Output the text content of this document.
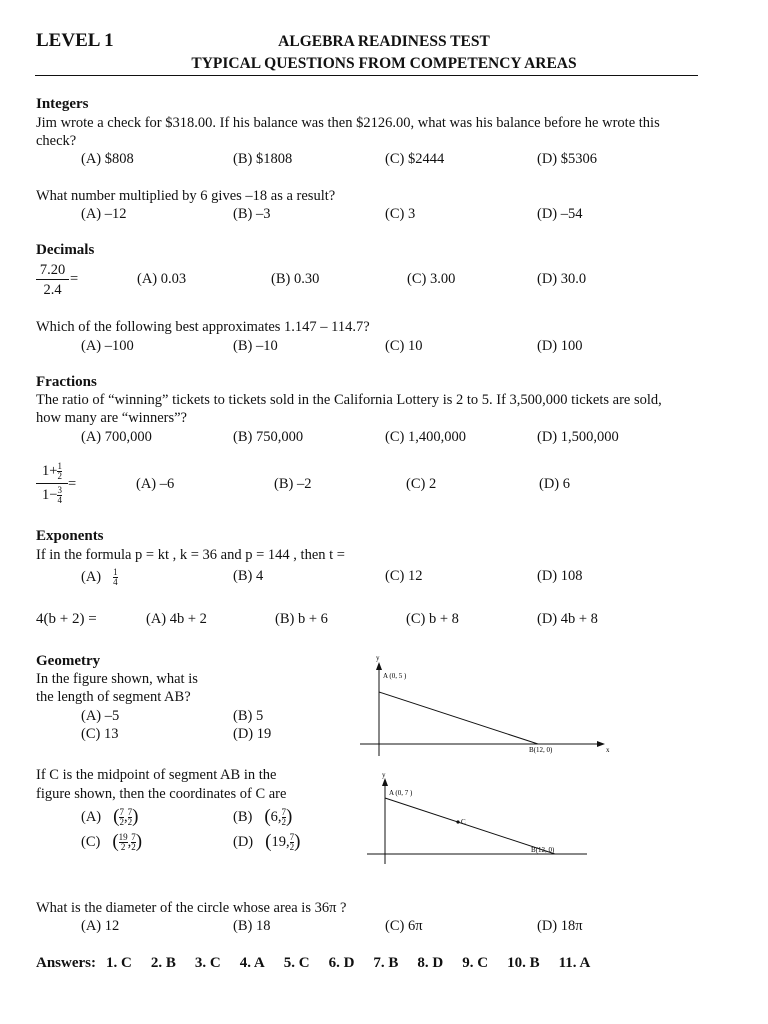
LEVEL 1	ALGEBRA READINESS TEST
TYPICAL QUESTIONS FROM COMPETENCY AREAS
Integers
Jim wrote a check for $318.00. If his balance was then $2126.00, what was his balance before he wrote this
check?
(A) $808	(B) $1808	(C) $2444	(D) $5306
What number multiplied by 6 gives –18 as a result?
(A) –12	(B) –3	(C) 3	(D) –54
Decimals
7.20
2.4
=	(A) 0.03	(B) 0.30	(C) 3.00	(D) 30.0
Which of the following best approximates 1.147 – 114.7?
(A) –100	(B) –10	(C) 10	(D) 100
Fractions
The ratio of “winning” tickets to tickets sold in the California Lottery is 2 to 5. If 3,500,000 tickets are sold,
how many are “winners”?
(A) 700,000	(B) 750,000	(C) 1,400,000	(D) 1,500,000
$1+ \frac{1}{2}$
$1- \frac{3}{4}$
=	(A) –6	(B) –2	(C) 2	(D) 6
Exponents
If in the formula p = kt , k = 36 and p = 144 , then t =
$(A) \frac{1}{4}$	(B) 4	(C) 12	(D) 108
4(b + 2) =	(A) 4b + 2	(B) b + 6	(C) b + 8	(D) 4b + 8
Geometry
In the figure shown, what is
the length of segment AB?
(A) –5	(B) 5
(C) 13	(D) 19
y
x
A (0, 5 )
B(12, 0)
If C is the midpoint of segment AB in the
figure shown, then the coordinates of C are
(A) ( $\frac{7}{2}$ , $\frac{7}{2}$ )	(B) ( 6, $\frac{7}{2}$ )
(C) ( $\frac{19}{2}$ , $\frac{7}{2}$ )	(D) ( 19, $\frac{7}{2}$ )
y
A (0, 7 )
C
B(12, 0)
What is the diameter of the circle whose area is 36π ?
(A) 12	(B) 18	(C) 6π	(D) 18π
Answers: 1. C 2. B 3. C 4. A 5. C 6. D 7. B 8. D 9. C 10. B 11. A
